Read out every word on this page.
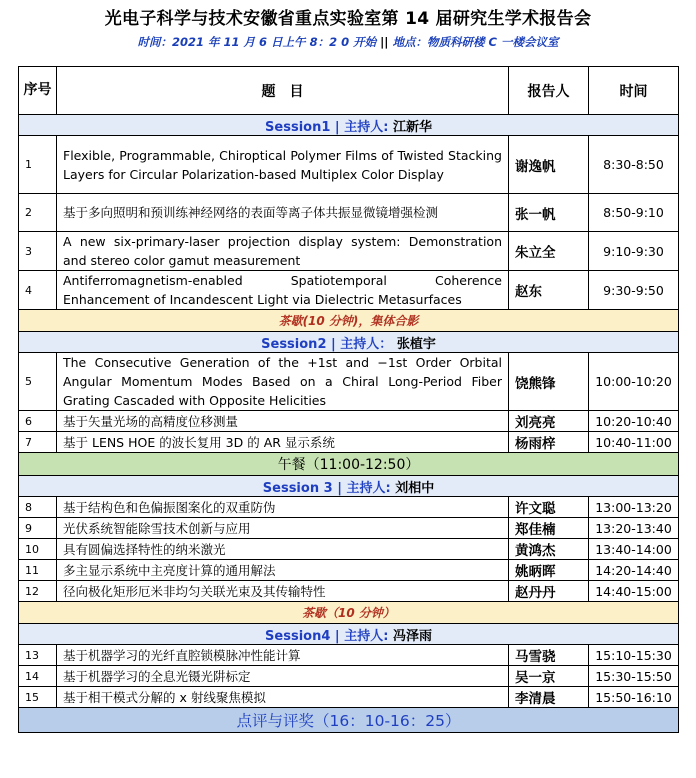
光电子科学与技术安徽省重点实验室第 14 届研究生学术报告会
时间：2021 年 11 月 6 日上午 8：2 0 开始 || 地点：物质科研楼 C 一楼会议室
序号	题　目	报告人	时间
Session1 | 主持人: 江新华			
1	Flexible, Programmable, Chiroptical Polymer Films of Twisted Stacking Layers for Circular Polarization-based Multiplex Color Display	谢逸帆	8:30-8:50
2	基于多向照明和预训练神经网络的表面等离子体共振显微镜增强检测	张一帆	8:50-9:10
3	A new six-primary-laser projection display system: Demonstration and stereo color gamut measurement	朱立全	9:10-9:30
4	Antiferromagnetism-enabled Spatiotemporal Coherence Enhancement of Incandescent Light via Dielectric Metasurfaces	赵东	9:30-9:50
茶歇(10 分钟)，集体合影			
Session2 | 主持人： 张植宇			
5	The Consecutive Generation of the +1st and −1st Order Orbital Angular Momentum Modes Based on a Chiral Long-Period Fiber Grating Cascaded with Opposite Helicities	饶熊锋	10:00-10:20
6	基于矢量光场的高精度位移测量	刘亮亮	10:20-10:40
7	基于 LENS HOE 的波长复用 3D 的 AR 显示系统	杨雨梓	10:40-11:00
午餐（11:00-12:50）			
Session 3 | 主持人: 刘相中			
8	基于结构色和色偏振图案化的双重防伪	许文聪	13:00-13:20
9	光伏系统智能除雪技术创新与应用	郑佳楠	13:20-13:40
10	具有圆偏选择特性的纳米激光	黄鸿杰	13:40-14:00
11	多主显示系统中主亮度计算的通用解法	姚昞晖	14:20-14:40
12	径向极化矩形厄米非均匀关联光束及其传输特性	赵丹丹	14:40-15:00
茶歇（10 分钟）			
Session4 | 主持人: 冯泽雨			
13	基于机器学习的光纤直腔锁模脉冲性能计算	马雪骁	15:10-15:30
14	基于机器学习的全息光镊光阱标定	吴一京	15:30-15:50
15	基于相干模式分解的 x 射线聚焦模拟	李清晨	15:50-16:10
点评与评奖（16：10-16：25）			
